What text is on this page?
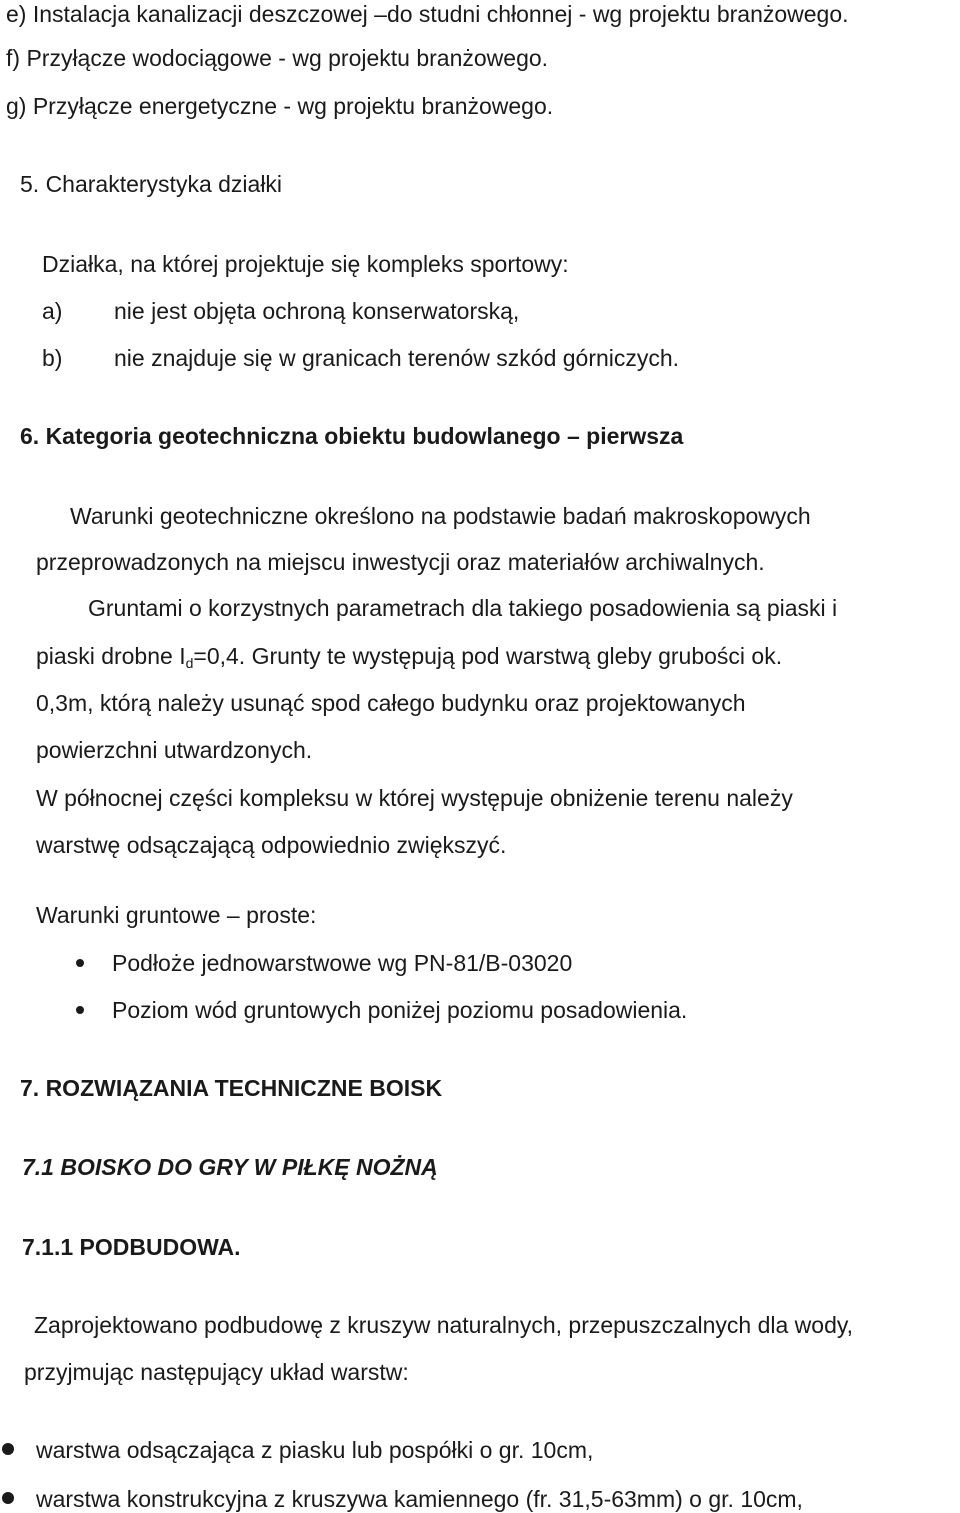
e) Instalacja kanalizacji deszczowej –do studni chłonnej - wg projektu branżowego.
f) Przyłącze wodociągowe - wg projektu branżowego.
g) Przyłącze energetyczne - wg projektu branżowego.
5. Charakterystyka działki
Działka, na której projektuje się kompleks sportowy:
a) nie jest objęta ochroną konserwatorską,
b) nie znajduje się w granicach terenów szkód górniczych.
6. Kategoria geotechniczna obiektu budowlanego – pierwsza
Warunki geotechniczne określono na podstawie badań makroskopowych
przeprowadzonych na miejscu inwestycji oraz materiałów archiwalnych.
Gruntami o korzystnych parametrach dla takiego posadowienia są piaski i
piaski drobne $I_d=0,4$. Grunty te występują pod warstwą gleby grubości ok.
0,3m, którą należy usunąć spod całego budynku oraz projektowanych
powierzchni utwardzonych.
W północnej części kompleksu w której występuje obniżenie terenu należy
warstwę odsączającą odpowiednio zwiększyć.
Warunki gruntowe – proste:
Podłoże jednowarstwowe wg PN-81/B-03020
Poziom wód gruntowych poniżej poziomu posadowienia.
7. ROZWIĄZANIA TECHNICZNE BOISK
7.1 BOISKO DO GRY W PIŁKĘ NOŻNĄ
7.1.1 PODBUDOWA.
Zaprojektowano podbudowę z kruszyw naturalnych, przepuszczalnych dla wody,
przyjmując następujący układ warstw:
warstwa odsączająca z piasku lub pospółki o gr. 10cm,
warstwa konstrukcyjna z kruszywa kamiennego (fr. 31,5-63mm) o gr. 10cm,
